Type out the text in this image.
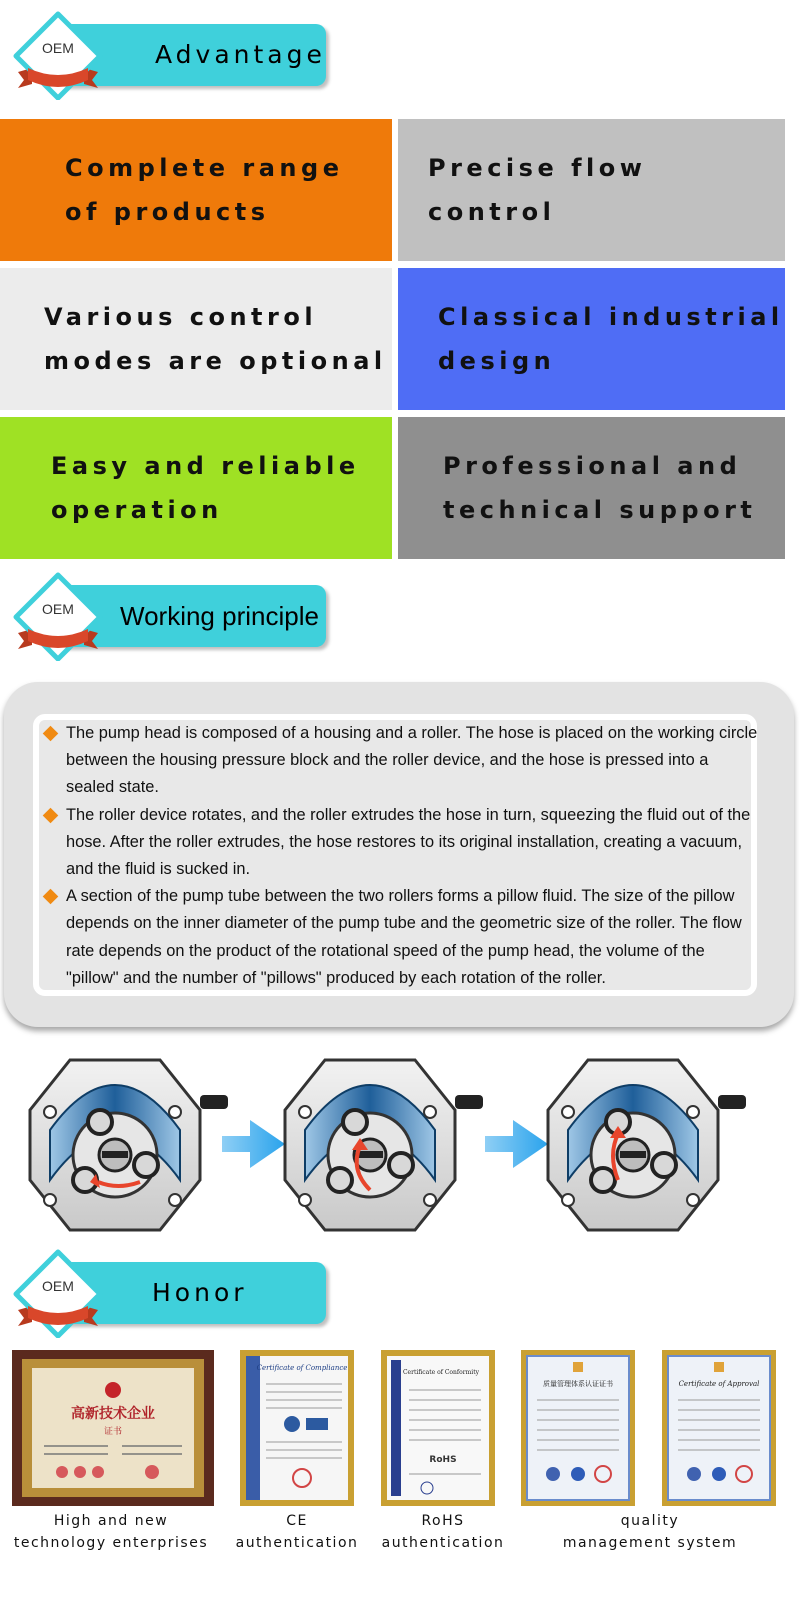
Advantage
OEM
Complete range
of products
Precise flow control
Various control
modes are optional
Classical industrial
design
Easy and reliable
operation
Professional and
technical support
Working principle
OEM
The pump head is composed of a housing and a roller. The hose is placed on the working circle between the housing pressure block and the roller device, and the hose is pressed into a sealed state.
The roller device rotates, and the roller extrudes the hose in turn, squeezing the fluid out of the hose. After the roller extrudes, the hose restores to its original installation, creating a vacuum, and the fluid is sucked in.
A section of the pump tube between the two rollers forms a pillow fluid. The size of the pillow depends on the inner diameter of the pump tube and the geometric size of the roller. The flow rate depends on the product of the rotational speed of the pump head, the volume of the "pillow" and the number of "pillows" produced by each rotation of the roller.
Honor
OEM
高新技术企业
证书
High and new
technology enterprises
Certificate of Compliance
CE
authentication
Certificate of Conformity
RoHS
RoHS
authentication
质量管理体系认证证书
quality
management system
Certificate of Approval
